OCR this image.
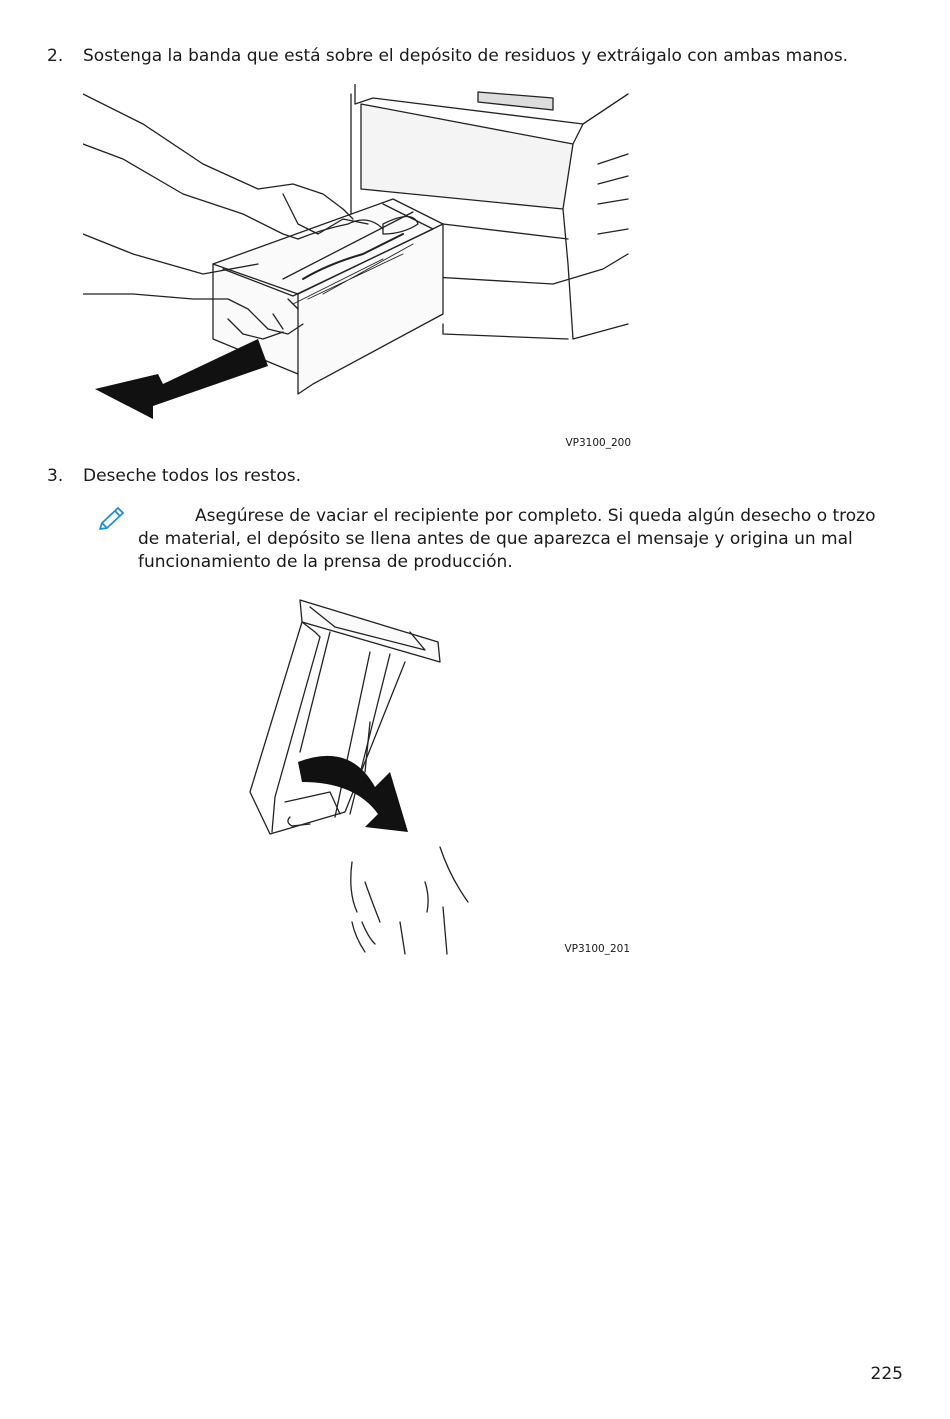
2. Sostenga la banda que está sobre el depósito de residuos y extráigalo con ambas manos.
VP3100_200
3. Deseche todos los restos.
Asegúrese de vaciar el recipiente por completo. Si queda algún desecho o trozo de material, el depósito se llena antes de que aparezca el mensaje y origina un mal funcionamiento de la prensa de producción.
VP3100_201
225
